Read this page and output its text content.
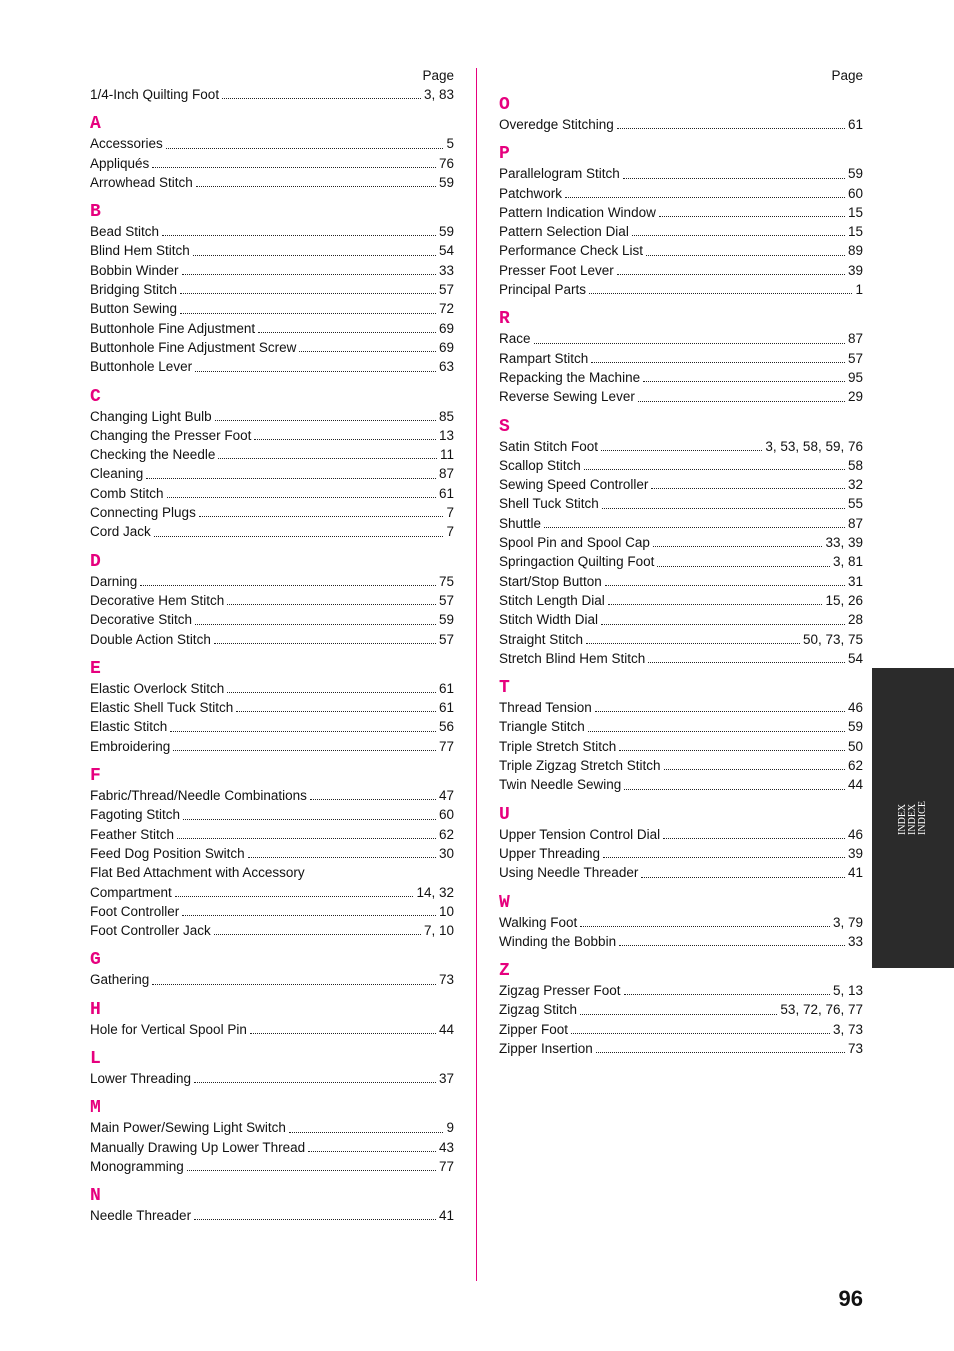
Page
1/4-Inch Quilting Foot	3, 83
A
Accessories	5
Appliqués	76
Arrowhead Stitch	59
B
Bead Stitch	59
Blind Hem Stitch	54
Bobbin Winder	33
Bridging Stitch	57
Button Sewing	72
Buttonhole Fine Adjustment	69
Buttonhole Fine Adjustment Screw	69
Buttonhole Lever	63
C
Changing Light Bulb	85
Changing the Presser Foot	13
Checking the Needle	11
Cleaning	87
Comb Stitch	61
Connecting Plugs	7
Cord Jack	7
D
Darning	75
Decorative Hem Stitch	57
Decorative Stitch	59
Double Action Stitch	57
E
Elastic Overlock Stitch	61
Elastic Shell Tuck Stitch	61
Elastic Stitch	56
Embroidering	77
F
Fabric/Thread/Needle Combinations	47
Fagoting Stitch	60
Feather Stitch	62
Feed Dog Position Switch	30
Flat Bed Attachment with Accessory
Compartment	14, 32
Foot Controller	10
Foot Controller Jack	7, 10
G
Gathering	73
H
Hole for Vertical Spool Pin	44
L
Lower Threading	37
M
Main Power/Sewing Light Switch	9
Manually Drawing Up Lower Thread	43
Monogramming	77
N
Needle Threader	41
Page
O
Overedge Stitching	61
P
Parallelogram Stitch	59
Patchwork	60
Pattern Indication Window	15
Pattern Selection Dial	15
Performance Check List	89
Presser Foot Lever	39
Principal Parts	1
R
Race	87
Rampart Stitch	57
Repacking the Machine	95
Reverse Sewing Lever	29
S
Satin Stitch Foot	3, 53, 58, 59, 76
Scallop Stitch	58
Sewing Speed Controller	32
Shell Tuck Stitch	55
Shuttle	87
Spool Pin and Spool Cap	33, 39
Springaction Quilting Foot	3, 81
Start/Stop Button	31
Stitch Length Dial	15, 26
Stitch Width Dial	28
Straight Stitch	50, 73, 75
Stretch Blind Hem Stitch	54
T
Thread Tension	46
Triangle Stitch	59
Triple Stretch Stitch	50
Triple Zigzag Stretch Stitch	62
Twin Needle Sewing	44
U
Upper Tension Control Dial	46
Upper Threading	39
Using Needle Threader	41
W
Walking Foot	3, 79
Winding the Bobbin	33
Z
Zigzag Presser Foot	5, 13
Zigzag Stitch	53, 72, 76, 77
Zipper Foot	3, 73
Zipper Insertion	73
INDEX INDEX INDICE
96
